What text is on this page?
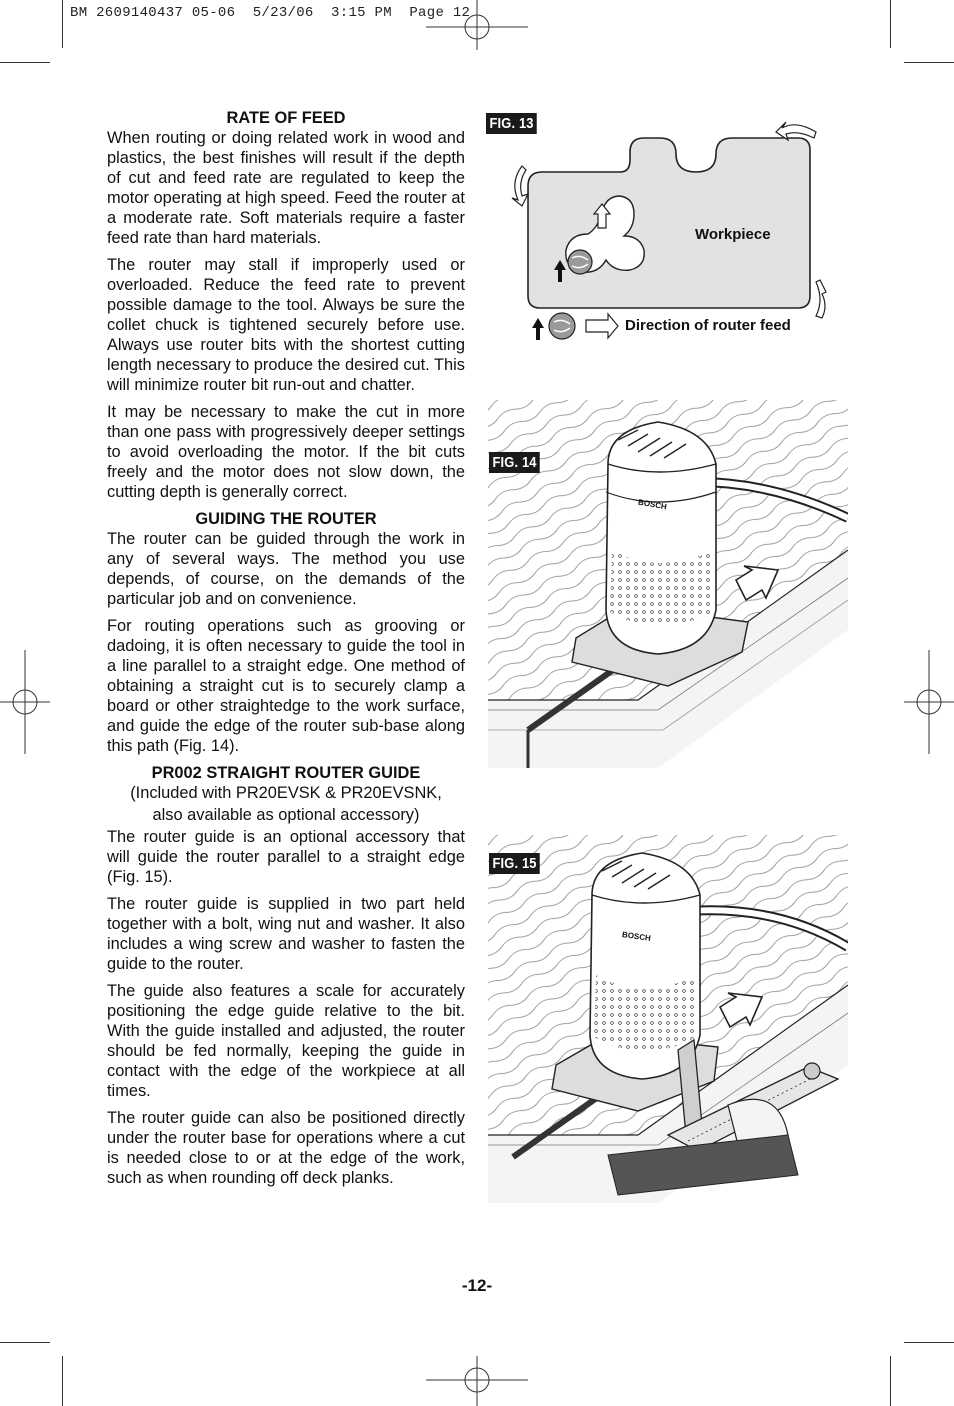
BM 2609140437 05-06  5/23/06  3:15 PM  Page 12
RATE OF FEED

When routing or doing related work in wood and plastics, the best finishes will result if the depth of cut and feed rate are regulated to keep the motor operating at high speed. Feed the router at a moderate rate. Soft materials require a faster feed rate than hard materials.

The router may stall if improperly used or overloaded. Reduce the feed rate to prevent possible damage to the tool. Always be sure the collet chuck is tightened securely before use. Always use router bits with the shortest cutting length necessary to produce the desired cut. This will minimize router bit run-out and chatter.

It may be necessary to make the cut in more than one pass with progressively deeper settings to avoid overloading the motor. If the bit cuts freely and the motor does not slow down, the cutting depth is generally correct.

GUIDING THE ROUTER

The router can be guided through the work in any of several ways. The method you use depends, of course, on the demands of the particular job and on convenience.

For routing operations such as grooving or dadoing, it is often necessary to guide the tool in a line parallel to a straight edge. One method of obtaining a straight cut is to securely clamp a board or other straightedge to the work surface, and guide the edge of the router sub-base along this path (Fig. 14).

PR002 STRAIGHT ROUTER GUIDE
(Included with PR20EVSK & PR20EVSNK,
also available as optional accessory)

The router guide is an optional accessory that will guide the router parallel to a straight edge (Fig. 15).

The router guide is supplied in two part held together with a bolt, wing nut and washer. It also includes a wing screw and washer to fasten the guide to the router.

The guide also features a scale for accurately positioning the edge guide relative to the bit. With the guide installed and adjusted, the router should be fed normally, keeping the guide in contact with the edge of the workpiece at all times.

The router guide can also be positioned directly under the router base for operations where a cut is needed close to or at the edge of the work, such as when rounding off deck planks.

FIG. 13
Workpiece
Direction of router feed
FIG. 14
BOSCH
FIG. 15
BOSCH
-12-
